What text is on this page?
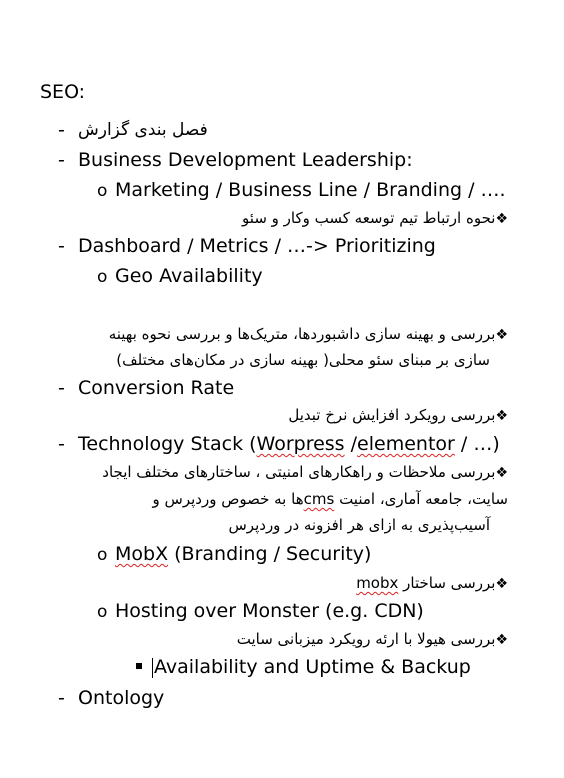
SEO:
- فصل بندی گزارش
- Business Development Leadership:
o Marketing / Business Line / Branding / ….
❖نحوه ارتباط تیم توسعه کسب وکار و سئو
- Dashboard / Metrics / …-> Prioritizing
o Geo Availability
❖بررسی و بهینه سازی داشبوردها، متریک‌ها و بررسی نحوه بهینه
سازی بر مبنای سئو محلی( بهینه سازی در مکان‌های مختلف)
- Conversion Rate
❖بررسی رویکرد افزایش نرخ تبدیل
- Technology Stack (Worpress /elementor / …)
❖بررسی ملاحظات و راهکارهای امنیتی ، ساختارهای مختلف ایجاد
سایت، جامعه آماری، امنیت cmsها به خصوص وردپرس و
آسیب‌پذیری به ازای هر افزونه در وردپرس
o MobX (Branding / Security)
❖بررسی ساختار mobx
o Hosting over Monster (e.g. CDN)
❖بررسی هیولا با ارئه رویکرد میزبانی سایت
Availability and Uptime & Backup
- Ontology
